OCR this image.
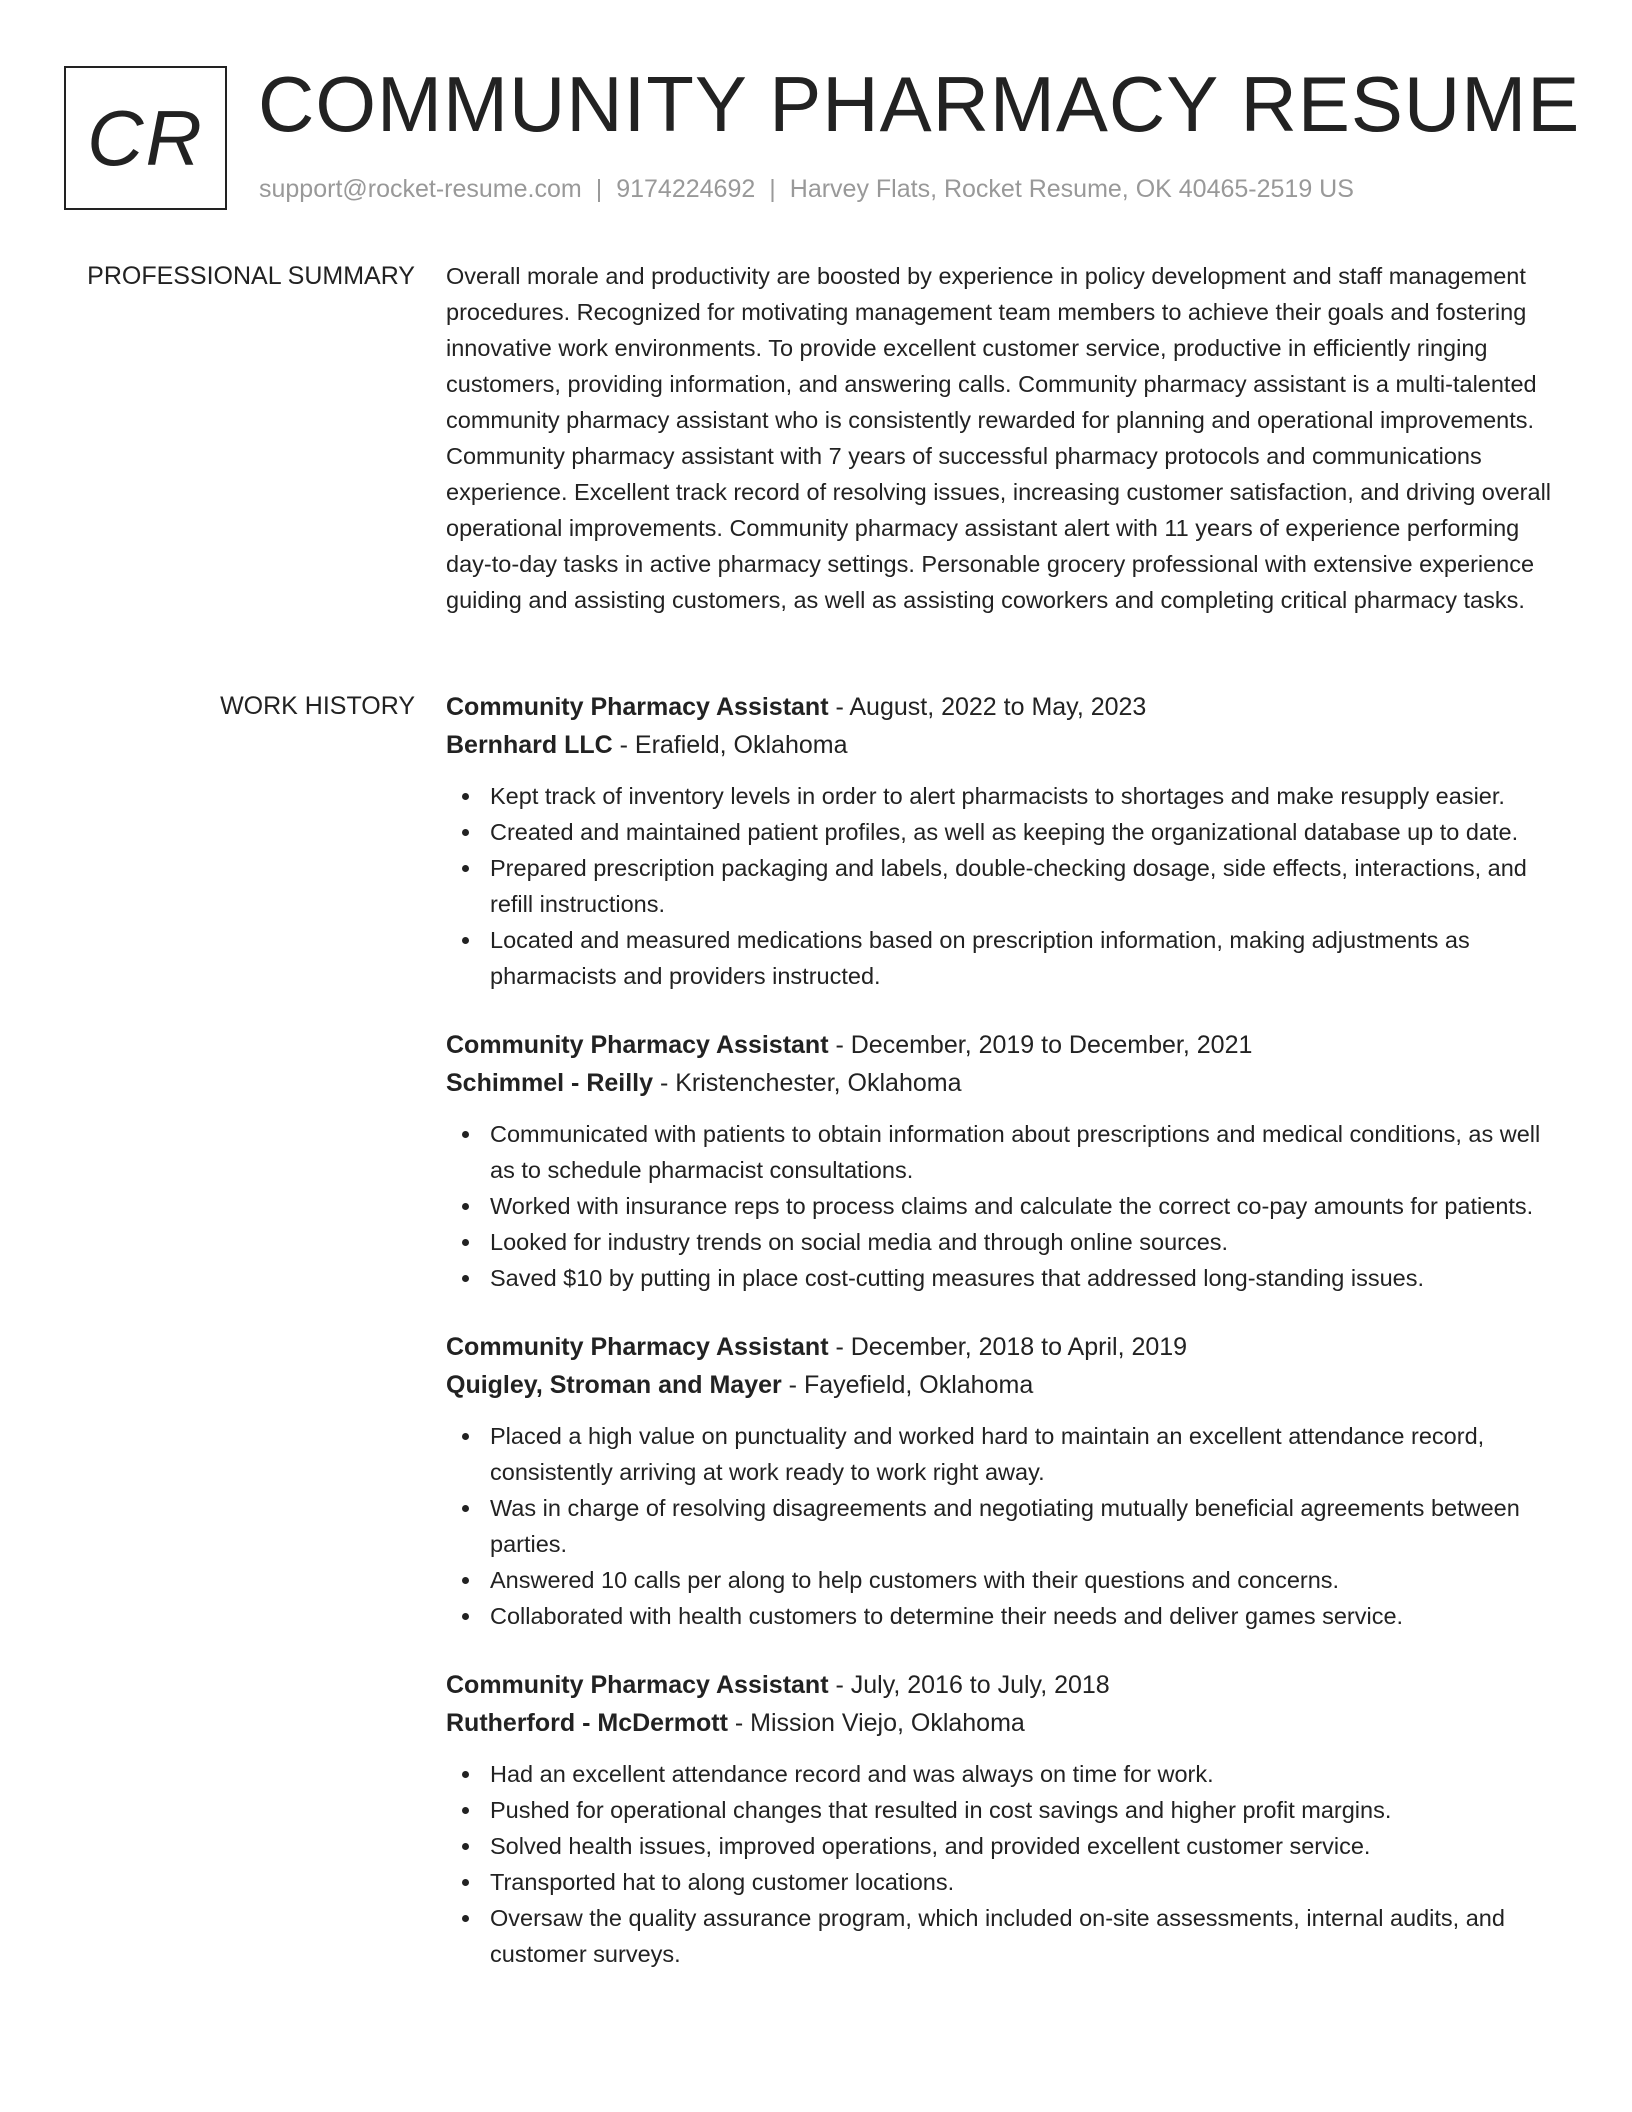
CR COMMUNITY PHARMACY RESUME
support@rocket-resume.com | 9174224692 | Harvey Flats, Rocket Resume, OK 40465-2519 US
PROFESSIONAL SUMMARY Overall morale and productivity are boosted by experience in policy development and staff management procedures. Recognized for motivating management team members to achieve their goals and fostering innovative work environments. To provide excellent customer service, productive in efficiently ringing customers, providing information, and answering calls. Community pharmacy assistant is a multi-talented community pharmacy assistant who is consistently rewarded for planning and operational improvements. Community pharmacy assistant with 7 years of successful pharmacy protocols and communications experience. Excellent track record of resolving issues, increasing customer satisfaction, and driving overall operational improvements. Community pharmacy assistant alert with 11 years of experience performing day-to-day tasks in active pharmacy settings. Personable grocery professional with extensive experience guiding and assisting customers, as well as assisting coworkers and completing critical pharmacy tasks.
WORK HISTORY Community Pharmacy Assistant - August, 2022 to May, 2023
Bernhard LLC - Erafield, Oklahoma
Kept track of inventory levels in order to alert pharmacists to shortages and make resupply easier.
Created and maintained patient profiles, as well as keeping the organizational database up to date.
Prepared prescription packaging and labels, double-checking dosage, side effects, interactions, and refill instructions.
Located and measured medications based on prescription information, making adjustments as pharmacists and providers instructed.
Community Pharmacy Assistant - December, 2019 to December, 2021
Schimmel - Reilly - Kristenchester, Oklahoma
Communicated with patients to obtain information about prescriptions and medical conditions, as well as to schedule pharmacist consultations.
Worked with insurance reps to process claims and calculate the correct co-pay amounts for patients.
Looked for industry trends on social media and through online sources.
Saved $10 by putting in place cost-cutting measures that addressed long-standing issues.
Community Pharmacy Assistant - December, 2018 to April, 2019
Quigley, Stroman and Mayer - Fayefield, Oklahoma
Placed a high value on punctuality and worked hard to maintain an excellent attendance record, consistently arriving at work ready to work right away.
Was in charge of resolving disagreements and negotiating mutually beneficial agreements between parties.
Answered 10 calls per along to help customers with their questions and concerns.
Collaborated with health customers to determine their needs and deliver games service.
Community Pharmacy Assistant - July, 2016 to July, 2018
Rutherford - McDermott - Mission Viejo, Oklahoma
Had an excellent attendance record and was always on time for work.
Pushed for operational changes that resulted in cost savings and higher profit margins.
Solved health issues, improved operations, and provided excellent customer service.
Transported hat to along customer locations.
Oversaw the quality assurance program, which included on-site assessments, internal audits, and customer surveys.
